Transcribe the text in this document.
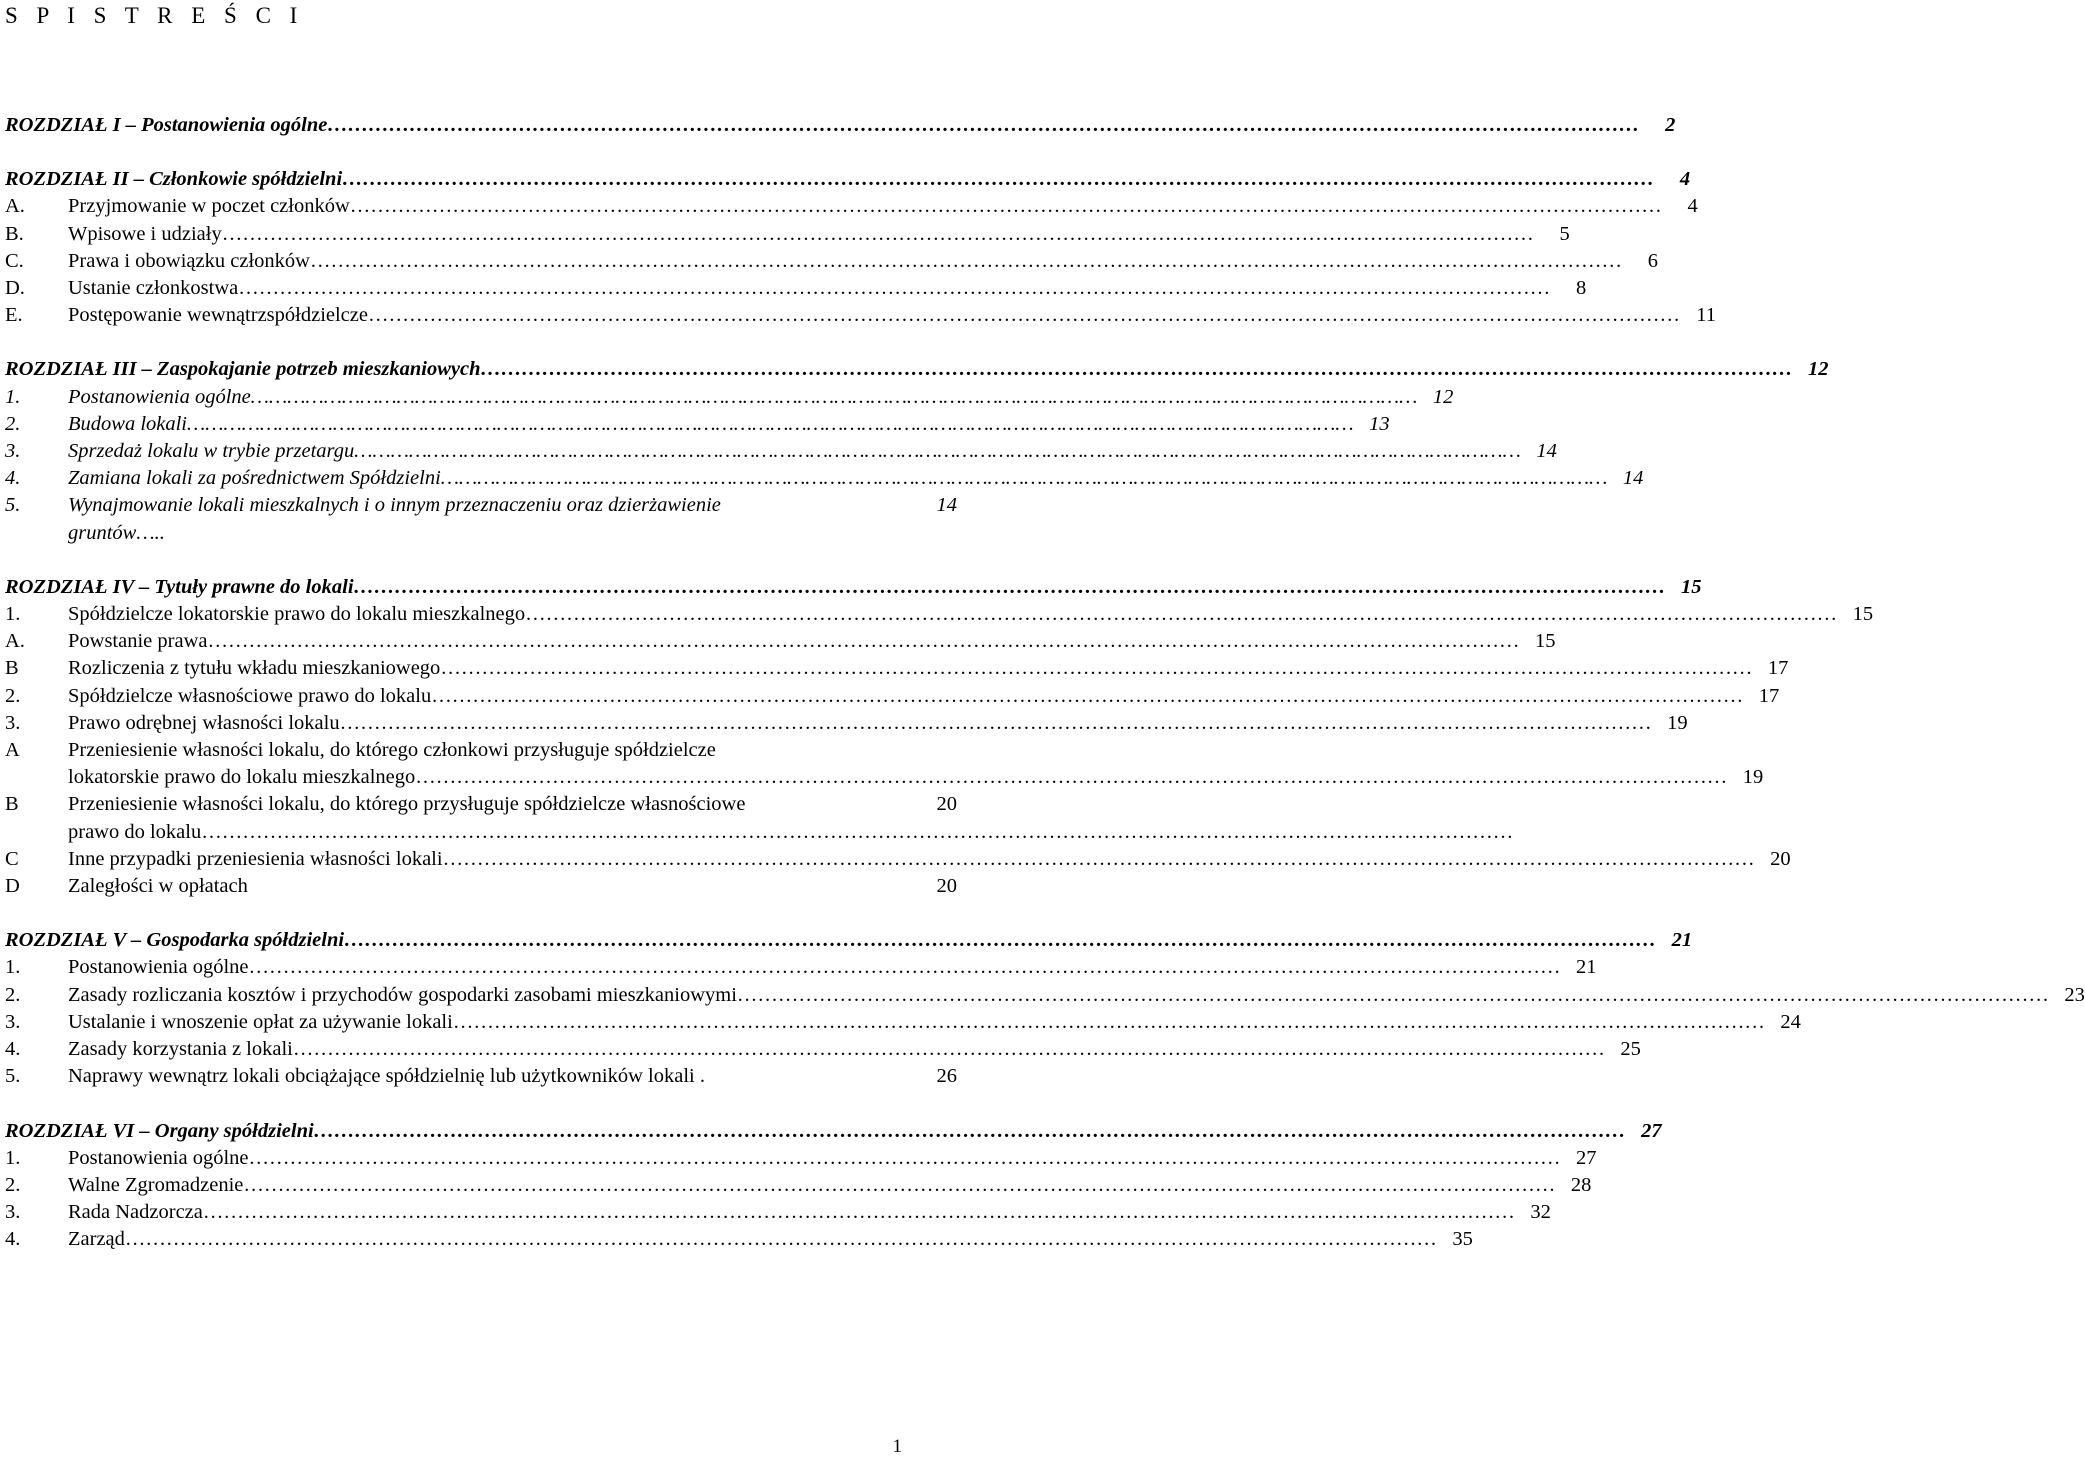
S P I S T R E Ś C I
ROZDZIAŁ I – Postanowienia ogólne …………………………………………………………………………………………………………………………………………………………………………	2
ROZDZIAŁ II – Członkowie spółdzielni …………………………………………………………………………………………………………………………………………………………………………	4
A.	Przyjmowanie w poczet członków …………………………………………………………………………………………………………………………………………………………………………	4
B.	Wpisowe i udziały …………………………………………………………………………………………………………………………………………………………………………	5
C.	Prawa i obowiązku członków …………………………………………………………………………………………………………………………………………………………………………	6
D.	Ustanie członkostwa …………………………………………………………………………………………………………………………………………………………………………	8
E.	Postępowanie wewnątrzspółdzielcze …………………………………………………………………………………………………………………………………………………………………………	11
ROZDZIAŁ III – Zaspokajanie potrzeb mieszkaniowych …………………………………………………………………………………………………………………………………………………………………………	12
1.	Postanowienia ogólne …………………………………………………………………………………………………………………………………………………………………………	12
2.	Budowa lokali …………………………………………………………………………………………………………………………………………………………………………	13
3.	Sprzedaż lokalu w trybie przetargu …………………………………………………………………………………………………………………………………………………………………………	14
4.	Zamiana lokali za pośrednictwem Spółdzielni …………………………………………………………………………………………………………………………………………………………………………	14
5.	Wynajmowanie lokali mieszkalnych i o innym przeznaczeniu oraz dzierżawienie	14
gruntów…..
ROZDZIAŁ IV – Tytuły prawne do lokali …………………………………………………………………………………………………………………………………………………………………………	15
1.	Spółdzielcze lokatorskie prawo do lokalu mieszkalnego …………………………………………………………………………………………………………………………………………………………………………	15
A.	Powstanie prawa …………………………………………………………………………………………………………………………………………………………………………	15
B	Rozliczenia z tytułu wkładu mieszkaniowego …………………………………………………………………………………………………………………………………………………………………………	17
2.	Spółdzielcze własnościowe prawo do lokalu …………………………………………………………………………………………………………………………………………………………………………	17
3.	Prawo odrębnej własności lokalu …………………………………………………………………………………………………………………………………………………………………………	19
A	Przeniesienie własności lokalu, do którego członkowi przysługuje spółdzielcze
lokatorskie prawo do lokalu mieszkalnego …………………………………………………………………………………………………………………………………………………………………………	19
B	Przeniesienie własności lokalu, do którego przysługuje spółdzielcze własnościowe	20
prawo do lokalu
…………………………………………………………………………………………………………………………………………………………………………
C	Inne przypadki przeniesienia własności lokali …………………………………………………………………………………………………………………………………………………………………………	20
D	Zaległości w opłatach	20
ROZDZIAŁ V – Gospodarka spółdzielni …………………………………………………………………………………………………………………………………………………………………………	21
1.	Postanowienia ogólne …………………………………………………………………………………………………………………………………………………………………………	21
2.	Zasady rozliczania kosztów i przychodów gospodarki zasobami mieszkaniowymi …………………………………………………………………………………………………………………………………………………………………………	23
3.	Ustalanie i wnoszenie opłat za używanie lokali …………………………………………………………………………………………………………………………………………………………………………	24
4.	Zasady korzystania z lokali …………………………………………………………………………………………………………………………………………………………………………	25
5.	Naprawy wewnątrz lokali obciążające spółdzielnię lub użytkowników lokali .	26
ROZDZIAŁ VI – Organy spółdzielni …………………………………………………………………………………………………………………………………………………………………………	27
1.	Postanowienia ogólne …………………………………………………………………………………………………………………………………………………………………………	27
2.	Walne Zgromadzenie …………………………………………………………………………………………………………………………………………………………………………	28
3.	Rada Nadzorcza …………………………………………………………………………………………………………………………………………………………………………	32
4.	Zarząd …………………………………………………………………………………………………………………………………………………………………………	35
1
